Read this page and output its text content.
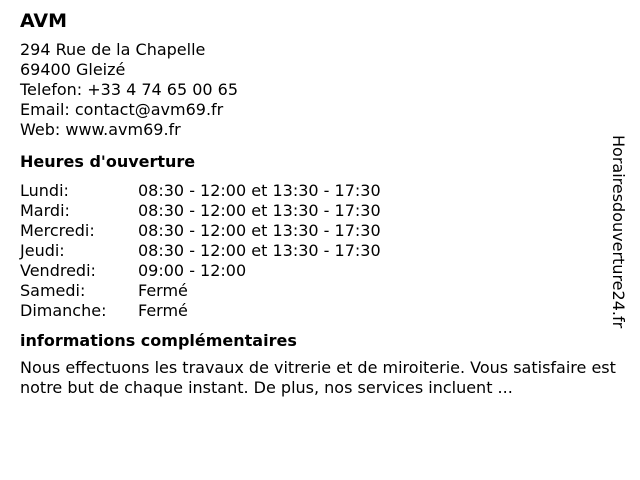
AVM
294 Rue de la Chapelle
69400 Gleizé
Telefon: +33 4 74 65 00 65
Email: contact@avm69.fr
Web: www.avm69.fr
Heures d'ouverture
Lundi:	08:30 - 12:00 et 13:30 - 17:30
Mardi:	08:30 - 12:00 et 13:30 - 17:30
Mercredi:	08:30 - 12:00 et 13:30 - 17:30
Jeudi:	08:30 - 12:00 et 13:30 - 17:30
Vendredi:	09:00 - 12:00
Samedi:	Fermé
Dimanche:	Fermé
informations complémentaires

Nous effectuons les travaux de vitrerie et de miroiterie. Vous satisfaire est notre but de chaque instant. De plus, nos services incluent ...

Horairesdouverture24.fr
